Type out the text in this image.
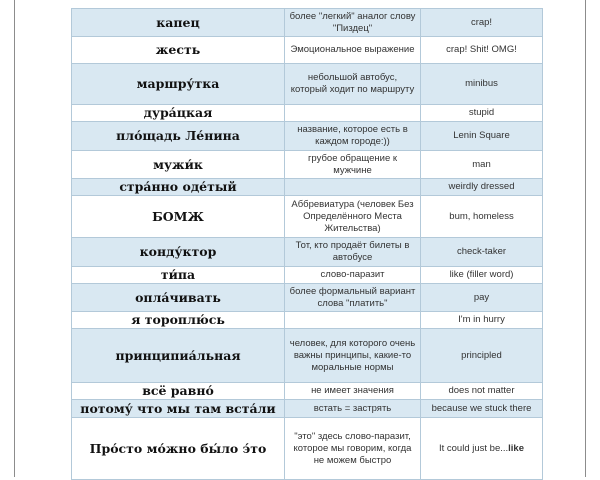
капец	более "легкий" аналог слову "Пиздец"	crap!
жесть	Эмоциональное выражение	crap! Shit! OMG!
маршру́тка	небольшой автобус, который ходит по маршруту	minibus
дура́цкая		stupid
пло́щадь Ле́нина	название, которое есть в каждом городе:))	Lenin Square
мужи́к	грубое обращение к мужчине	man
стра́нно оде́тый		weirdly dressed
БОМЖ	Аббревиатура (человек Без Определённого Места Жительства)	bum, homeless
конду́ктор	Тот, кто продаёт билеты в автобусе	check-taker
ти́па	слово-паразит	like (filler word)
опла́чивать	более формальный вариант слова "платить"	pay
я тороплю́сь		I'm in hurry
принципиа́льная	человек, для которого очень важны принципы, какие-то моральные нормы	principled
всё равно́	не имеет значения	does not matter
потому́ что мы там вста́ли	встать = застрять	because we stuck there
Про́сто мо́жно бы́ло э́то	"это" здесь слово-паразит, которое мы говорим, когда не можем быстро	It could just be...like
